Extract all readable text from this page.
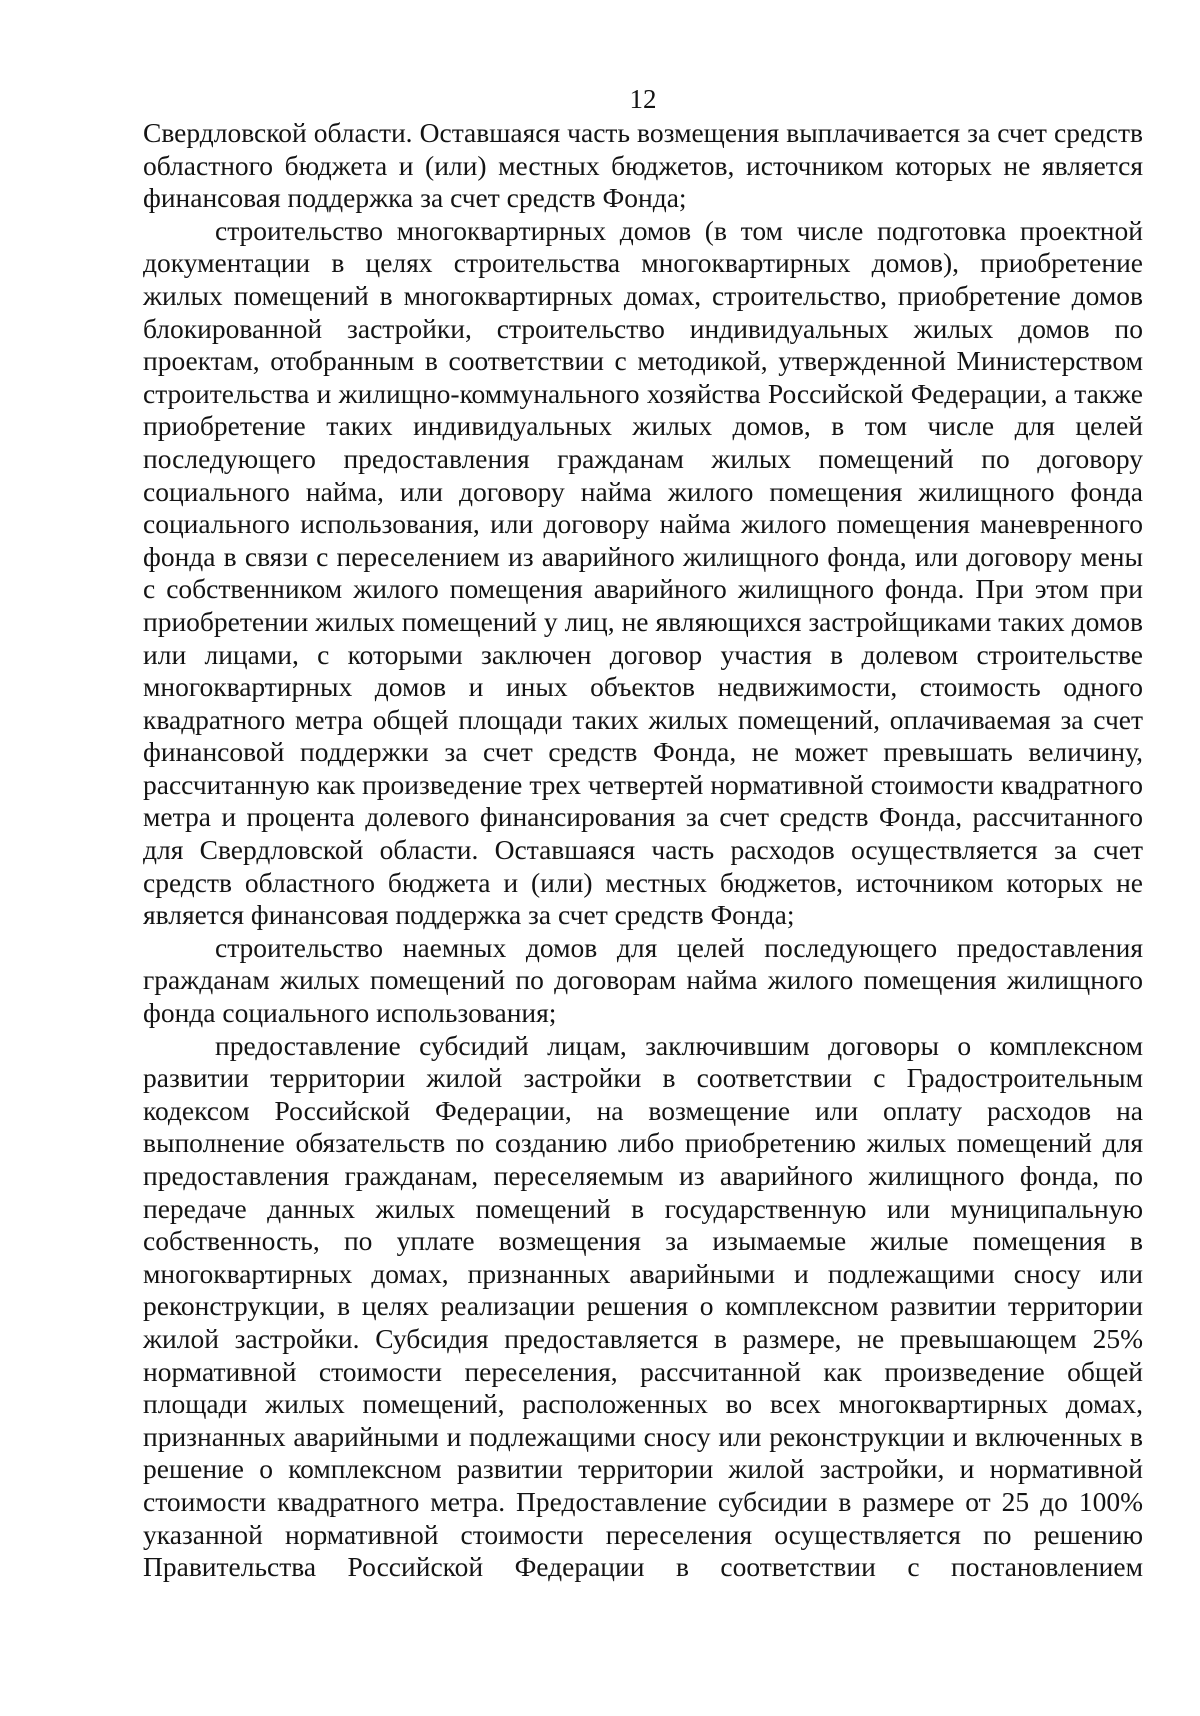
12

Свердловской области. Оставшаяся часть возмещения выплачивается за счет средств областного бюджета и (или) местных бюджетов, источником которых не является финансовая поддержка за счет средств Фонда;

строительство многоквартирных домов (в том числе подготовка проектной документации в целях строительства многоквартирных домов), приобретение жилых помещений в многоквартирных домах, строительство, приобретение домов блокированной застройки, строительство индивидуальных жилых домов по проектам, отобранным в соответствии с методикой, утвержденной Министерством строительства и жилищно-коммунального хозяйства Российской Федерации, а также приобретение таких индивидуальных жилых домов, в том числе для целей последующего предоставления гражданам жилых помещений по договору социального найма, или договору найма жилого помещения жилищного фонда социального использования, или договору найма жилого помещения маневренного фонда в связи с переселением из аварийного жилищного фонда, или договору мены с собственником жилого помещения аварийного жилищного фонда. При этом при приобретении жилых помещений у лиц, не являющихся застройщиками таких домов или лицами, с которыми заключен договор участия в долевом строительстве многоквартирных домов и иных объектов недвижимости, стоимость одного квадратного метра общей площади таких жилых помещений, оплачиваемая за счет финансовой поддержки за счет средств Фонда, не может превышать величину, рассчитанную как произведение трех четвертей нормативной стоимости квадратного метра и процента долевого финансирования за счет средств Фонда, рассчитанного для Свердловской области. Оставшаяся часть расходов осуществляется за счет средств областного бюджета и (или) местных бюджетов, источником которых не является финансовая поддержка за счет средств Фонда;

строительство наемных домов для целей последующего предоставления гражданам жилых помещений по договорам найма жилого помещения жилищного фонда социального использования;

предоставление субсидий лицам, заключившим договоры о комплексном развитии территории жилой застройки в соответствии с Градостроительным кодексом Российской Федерации, на возмещение или оплату расходов на выполнение обязательств по созданию либо приобретению жилых помещений для предоставления гражданам, переселяемым из аварийного жилищного фонда, по передаче данных жилых помещений в государственную или муниципальную собственность, по уплате возмещения за изымаемые жилые помещения в многоквартирных домах, признанных аварийными и подлежащими сносу или реконструкции, в целях реализации решения о комплексном развитии территории жилой застройки. Субсидия предоставляется в размере, не превышающем 25% нормативной стоимости переселения, рассчитанной как произведение общей площади жилых помещений, расположенных во всех многоквартирных домах, признанных аварийными и подлежащими сносу или реконструкции и включенных в решение о комплексном развитии территории жилой застройки, и нормативной стоимости квадратного метра. Предоставление субсидии в размере от 25 до 100% указанной нормативной стоимости переселения осуществляется по решению Правительства Российской Федерации в соответствии с постановлением
